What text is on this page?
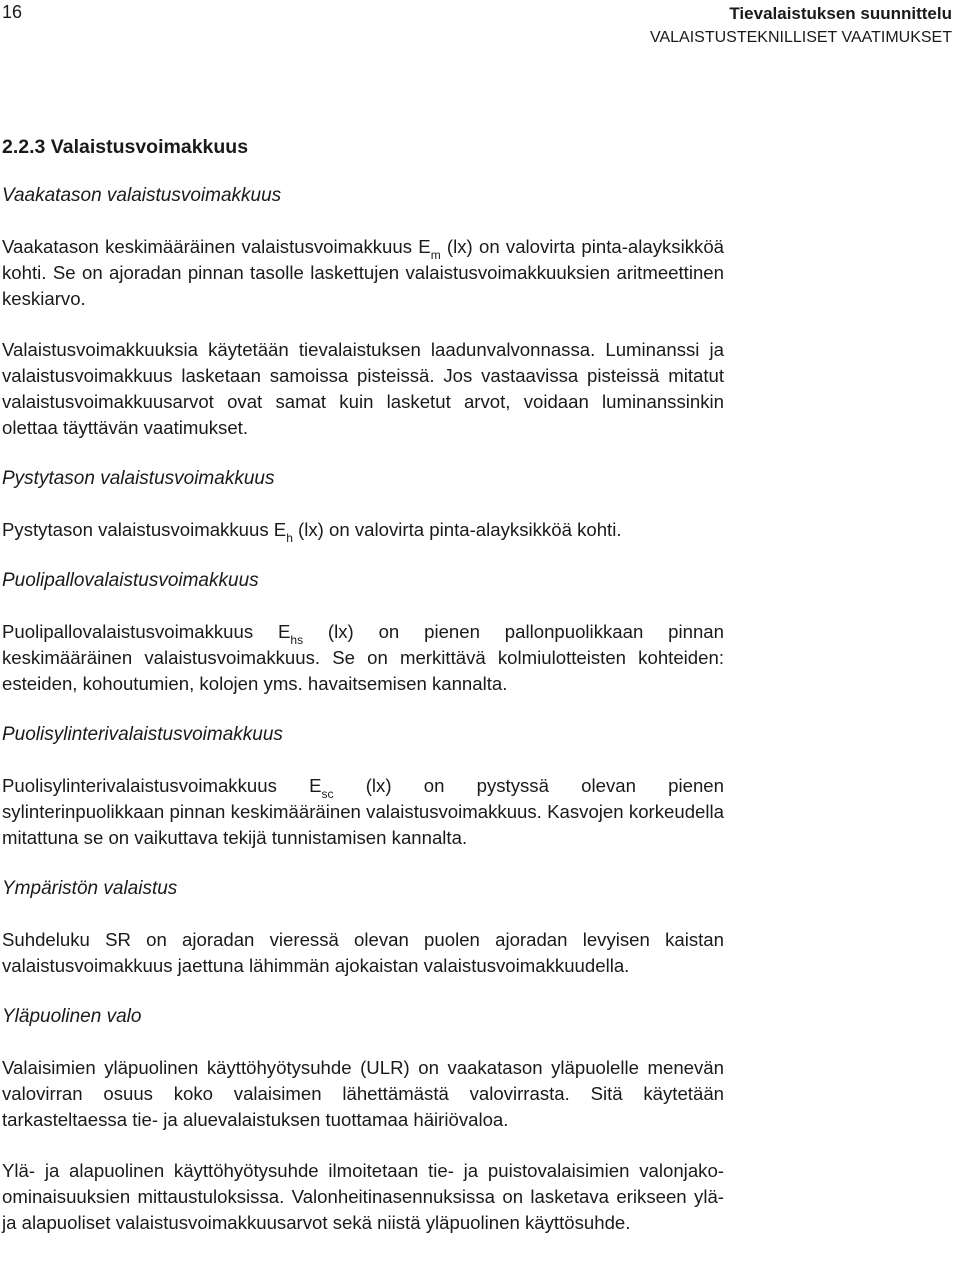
16	Tievalaistuksen suunnittelu
VALAISTUSTEKNILLISET VAATIMUKSET
2.2.3 Valaistusvoimakkuus
Vaakatason valaistusvoimakkuus

Vaakatason keskimääräinen valaistusvoimakkuus $E_m$ (lx) on valovirta pinta-alayksikköä kohti. Se on ajoradan pinnan tasolle laskettujen valaistusvoimakkuuksien aritmeettinen keskiarvo.

Valaistusvoimakkuuksia käytetään tievalaistuksen laadunvalvonnassa. Luminanssi ja valaistusvoimakkuus lasketaan samoissa pisteissä. Jos vastaavissa pisteissä mitatut valaistusvoimakkuusarvot ovat samat kuin lasketut arvot, voidaan luminanssinkin olettaa täyttävän vaatimukset.

Pystytason valaistusvoimakkuus

Pystytason valaistusvoimakkuus $E_h$ (lx) on valovirta pinta-alayksikköä kohti.

Puolipallovalaistusvoimakkuus

Puolipallovalaistusvoimakkuus $E_{hs}$ (lx) on pienen pallonpuolikkaan pinnan keskimääräinen valaistusvoimakkuus. Se on merkittävä kolmiulotteisten kohteiden: esteiden, kohoutumien, kolojen yms. havaitsemisen kannalta.

Puolisylinterivalaistusvoimakkuus

Puolisylinterivalaistusvoimakkuus $E_{sc}$ (lx) on pystyssä olevan pienen sylinterinpuolikkaan pinnan keskimääräinen valaistusvoimakkuus. Kasvojen korkeudella mitattuna se on vaikuttava tekijä tunnistamisen kannalta.

Ympäristön valaistus

Suhdeluku SR on ajoradan vieressä olevan puolen ajoradan levyisen kaistan valaistusvoimakkuus jaettuna lähimmän ajokaistan valaistusvoimakkuudella.

Yläpuolinen valo

Valaisimien yläpuolinen käyttöhyötysuhde (ULR) on vaakatason yläpuolelle menevän valovirran osuus koko valaisimen lähettämästä valovirrasta. Sitä käytetään tarkasteltaessa tie- ja aluevalaistuksen tuottamaa häiriövaloa.

Ylä- ja alapuolinen käyttöhyötysuhde ilmoitetaan tie- ja puistovalaisimien valonjako-ominaisuuksien mittaustuloksissa. Valonheitinasennuksissa on lasketava erikseen ylä- ja alapuoliset valaistusvoimakkuusarvot sekä niistä yläpuolinen käyttösuhde.
